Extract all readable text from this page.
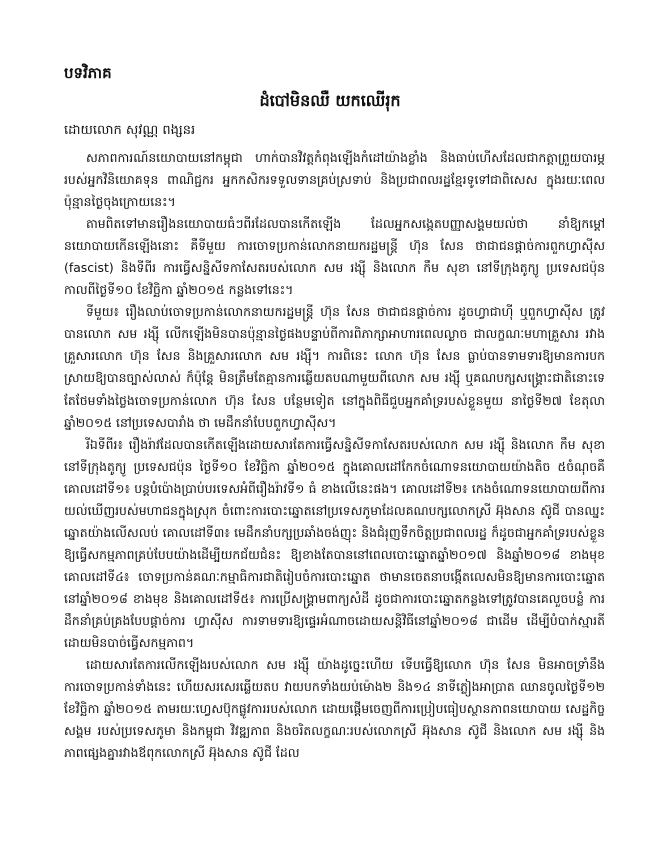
បទវិភាគ
ដំបៅមិនឈឺ យកឈើរុក

ដោយលោក សុវណ្ណ ពង្សនរ

សភាពការណ៍នយោបាយនៅកម្ពុជា ហាក់បានវិវត្តកំពុងឡើងកំដៅយ៉ាងខ្លាំង និងធាប់ហើសដែលជាកត្តាព្រួយបារម្ភរបស់អ្នកវិនិយោគទុន ពាណិជ្ជករ អ្នកកសិករទទួលទានគ្រប់ស្រទាប់ និងប្រជាពលរដ្ឋខ្មែរទូទៅជាពិសេស ក្នុងរយៈពេលប៉ុន្មានថ្ងៃចុងក្រោយនេះ។

តាមពិតទៅមានរឿងនយោបាយធំៗពីរដែលបានកើតឡើង ដែលអ្នកសង្កេតបញ្ញាសង្គមយល់ថា នាំឱ្យកម្ដៅនយោបាយកើនឡើងនោះ គឺទីមួយ ការចោទប្រកាន់លោកនាយករដ្ឋមន្ត្រី ហ៊ុន សែន ថាជាជនផ្ដាច់ការពួកហ្វាស៊ីស (fascist) និងទីពីរ ការធ្វើសន្និសីទកាសែតរបស់លោក សម រង្ស៊ី និងលោក កឹម សុខា នៅទីក្រុងតូក្យូ ប្រទេសជប៉ុនកាលពីថ្ងៃទី១០ ខែវិច្ឆិកា ឆ្នាំ២០១៥ កន្លងទៅនេះ។

ទីមួយ៖ រឿងលាប់ចោទប្រកាន់លោកនាយករដ្ឋមន្ត្រី ហ៊ុន សែន ថាជាជនផ្ដាច់ការ ដូចហ្វាជាហ៊ី ឬពួកហ្វាស៊ីស ត្រូវបានលោក សម រង្ស៊ី លើកឡើងមិនបានប៉ុន្មានថ្ងៃផងបន្ទាប់ពីការពិភាក្សាអាហារពេលល្ងាច ជាលក្ខណៈមហាគ្រួសារ រវាងគ្រួសារលោក ហ៊ុន សែន និងគ្រួសារលោក សម រង្ស៊ី។ ការពិនេះ លោក ហ៊ុន សែន ធ្លាប់បានទាមទារឱ្យមានការបកស្រាយឱ្យបានច្បាស់លាស់ ក៏ប៉ុន្តែ មិនត្រឹមតែគ្មានការឆ្លើយតបណាមួយពីលោក សម រង្ស៊ី ឬគណបក្សសង្គ្រោះជាតិនោះទេ តែថែមទាំងថ្លៃងចោទប្រកាន់លោក ហ៊ុន សែន បន្ថែមទៀត នៅក្នុងពិធីជួបអ្នកគាំទ្ររបស់ខ្លួនមួយ នាថ្ងៃទី២៧ ខែតុលា ឆ្នាំ២០១៥ នៅប្រទេសបារាំង ថា មេដឹកនាំបែបពួកហ្វាស៊ីស។

រីឯទីពីរ៖ រឿងរ៉ាវដែលបានកើតឡើងដោយសារតែការធ្វើសន្និសីទកាសែតរបស់លោក សម រង្ស៊ី និងលោក កឹម សុខា នៅទីក្រុងតូក្យូ ប្រទេសជប៉ុន ថ្ងៃទី១០ ខែវិច្ឆិកា ឆ្នាំ២០១៥ ក្នុងគោលដៅកែកចំណោទនយោបាយយ៉ាងតិច ៥ចំណុចគឺ គោលដៅទី១៖ បន្តបំប៉ោងប្រាប់បរទេសអំពីរឿងរ៉ាវទី១ ធំ ខាងលើនេះផង។ គោលដៅទី២៖ កេងចំណោទនយោបាយពីការយល់ឃើញរបស់មហាជនក្នុងស្រុក ចំពោះការបោះឆ្នោតនៅប្រទេសភូមាដែលគណបក្សលោកស្រី អ៊ុងសាន ស៊ូជី បានឈ្នះឆ្នោតយ៉ាងលើសលប់ គោលដៅទី៣៖ មេដឹកនាំបក្សប្រឆាំងចង់ញុះ និងជំរុញទឹកចិត្តប្រជាពលរដ្ឋ ក៏ដូចជាអ្នកគាំទ្ររបស់ខ្លួន ឱ្យធ្វើសកម្មភាពគ្រប់បែបយ៉ាងដើម្បីយកជ័យជំនះ ឱ្យខាងតែបាននៅពេលបោះឆ្នោតឆ្នាំ២០១៧ និងឆ្នាំ២០១៨ ខាងមុខ គោលដៅទី៤៖ ចោទប្រកាន់គណៈកម្មាធិការជាតិរៀបចំការបោះឆ្នោត ថាមានចេតនាបង្កើតលេសមិនឱ្យមានការបោះឆ្នោតនៅឆ្នាំ២០១៨ ខាងមុខ និងគោលដៅទី៥៖ ការប្រើសង្គ្រាមពាក្យសំដី ដូចជាការបោះឆ្នោតកន្លងទៅត្រូវបានគេលួចបន្លំ ការដឹកនាំគ្រប់គ្រងបែបផ្ដាច់ការ ហ្វាស៊ីស ការទាមទារឱ្យផ្ទេរអំណាចដោយសន្តិវិធីនៅឆ្នាំ២០១៨ ជាដើម ដើម្បីបំបាក់ស្មារតី ដោយមិនបាច់ធ្វើសកម្មភាព។

ដោយសារតែការលើកឡើងរបស់លោក សម រង្ស៊ី យ៉ាងដូច្នេះហើយ ទើបធ្វើឱ្យលោក ហ៊ុន សែន មិនអាចទ្រាំនឹងការចោទប្រកាន់ទាំងនេះ ហើយសរសេរឆ្លើយតប វាយបកទាំងយប់ម៉ោង២ និង១៤ នាទីភ្លៀងអាប្រាត ឈានចូលថ្ងៃទី១២ ខែវិច្ឆិកា ឆ្នាំ២០១៥ តាមរយៈហ្វេសប៊ុកផ្លូវការរបស់លោក ដោយផ្ដើមចេញពីការប្រៀបធៀបស្ថានភាពនយោបាយ សេដ្ឋកិច្ច សង្គម របស់ប្រទេសភូមា និងកម្ពុជា វិវឌ្ឍភាព និងចរិតលក្ខណៈរបស់លោកស្រី អ៊ុងសាន ស៊ូជី និងលោក សម រង្ស៊ី និងភាពផ្សេងគ្នារវាងឪពុកលោកស្រី អ៊ុងសាន ស៊ូជី ដែល
